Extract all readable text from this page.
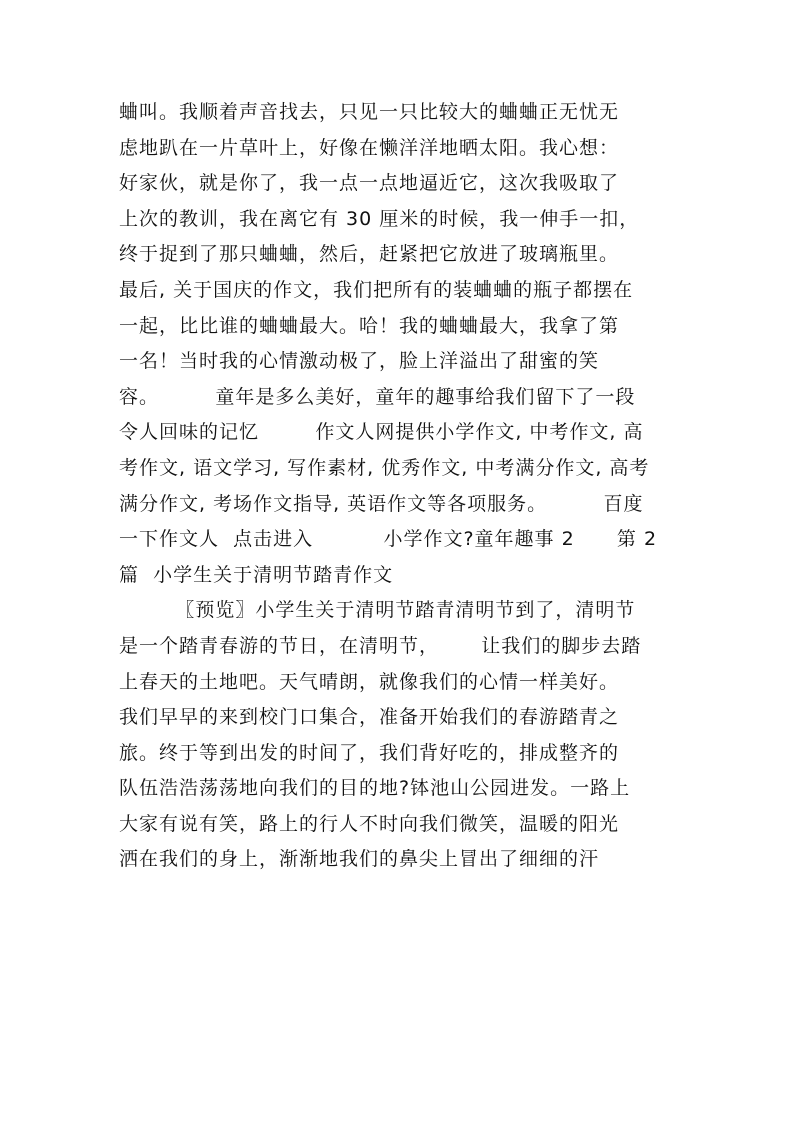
蛐叫。我顺着声音找去，只见一只比较大的蛐蛐正无忧无
虑地趴在一片草叶上，好像在懒洋洋地晒太阳。我心想：
好家伙，就是你了，我一点一点地逼近它，这次我吸取了
上次的教训，我在离它有 30 厘米的时候，我一伸手一扣，
终于捉到了那只蛐蛐，然后，赶紧把它放进了玻璃瓶里。
最后, 关于国庆的作文，我们把所有的装蛐蛐的瓶子都摆在
一起，比比谁的蛐蛐最大。哈！我的蛐蛐最大，我拿了第
一名！当时我的心情激动极了，脸上洋溢出了甜蜜的笑
容。        童年是多么美好，童年的趣事给我们留下了一段
令人回味的记忆        作文人网提供小学作文, 中考作文, 高
考作文, 语文学习, 写作素材, 优秀作文, 中考满分作文, 高考
满分作文, 考场作文指导, 英语作文等各项服务。        百度
一下作文人  点击进入          小学作文?童年趣事 2      第 2
篇  小学生关于清明节踏青作文
〖预览〗小学生关于清明节踏青清明节到了，清明节
是一个踏青春游的节日，在清明节，      让我们的脚步去踏
上春天的土地吧。天气晴朗，就像我们的心情一样美好。
我们早早的来到校门口集合，准备开始我们的春游踏青之
旅。终于等到出发的时间了，我们背好吃的，排成整齐的
队伍浩浩荡荡地向我们的目的地?钵池山公园进发。一路上
大家有说有笑，路上的行人不时向我们微笑，温暖的阳光
洒在我们的身上，渐渐地我们的鼻尖上冒出了细细的汗
